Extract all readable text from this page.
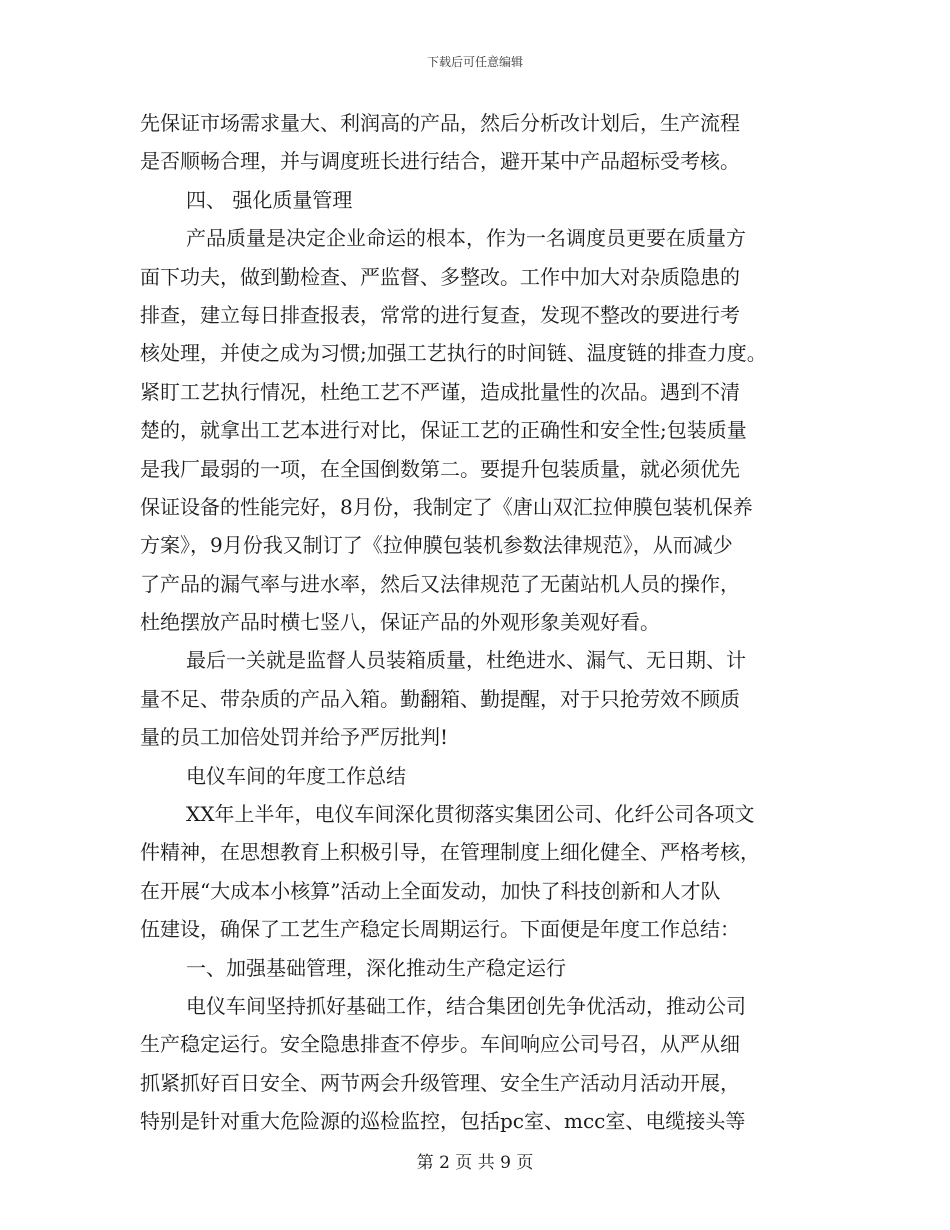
下载后可任意编辑
先保证市场需求量大、利润高的产品，然后分析改计划后，生产流程
是否顺畅合理，并与调度班长进行结合，避开某中产品超标受考核。
四、 强化质量管理
产品质量是决定企业命运的根本，作为一名调度员更要在质量方
面下功夫，做到勤检查、严监督、多整改。工作中加大对杂质隐患的
排查，建立每日排查报表，常常的进行复查，发现不整改的要进行考
核处理，并使之成为习惯;加强工艺执行的时间链、温度链的排查力度。
紧盯工艺执行情况，杜绝工艺不严谨，造成批量性的次品。遇到不清
楚的，就拿出工艺本进行对比，保证工艺的正确性和安全性;包装质量
是我厂最弱的一项，在全国倒数第二。要提升包装质量，就必须优先
保证设备的性能完好，8月份，我制定了《唐山双汇拉伸膜包装机保养
方案》，9月份我又制订了《拉伸膜包装机参数法律规范》，从而减少
了产品的漏气率与进水率，然后又法律规范了无菌站机人员的操作，
杜绝摆放产品时横七竖八，保证产品的外观形象美观好看。
最后一关就是监督人员装箱质量，杜绝进水、漏气、无日期、计
量不足、带杂质的产品入箱。勤翻箱、勤提醒，对于只抢劳效不顾质
量的员工加倍处罚并给予严厉批判!
电仪车间的年度工作总结
XX年上半年，电仪车间深化贯彻落实集团公司、化纤公司各项文
件精神，在思想教育上积极引导，在管理制度上细化健全、严格考核，
在开展“大成本小核算”活动上全面发动，加快了科技创新和人才队
伍建设，确保了工艺生产稳定长周期运行。下面便是年度工作总结：
一、加强基础管理，深化推动生产稳定运行
电仪车间坚持抓好基础工作，结合集团创先争优活动，推动公司
生产稳定运行。安全隐患排查不停步。车间响应公司号召，从严从细
抓紧抓好百日安全、两节两会升级管理、安全生产活动月活动开展，
特别是针对重大危险源的巡检监控，包括pc室、mcc室、电缆接头等
第 2 页 共 9 页
